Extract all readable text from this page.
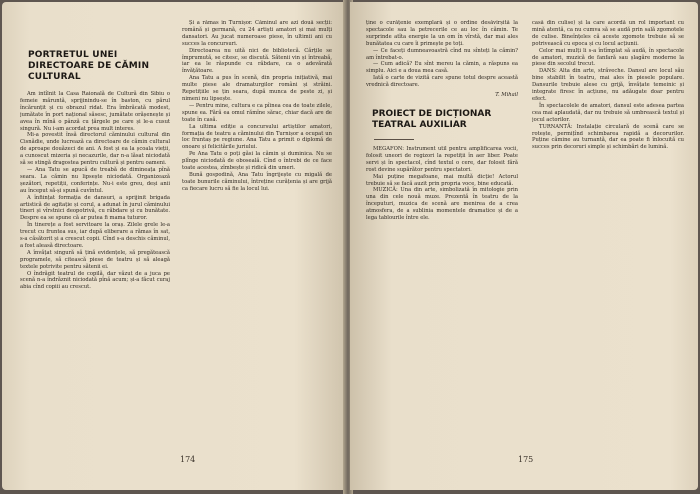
PORTRETUL UNEI DIRECTOARE DE CĂMIN CULTURAL

Am intîlnit la Casa Raională de Cultură din Sibiu o femeie măruntă, sprijinindu-se în baston, cu părul încărunțit și cu obrazul ridat. Era îmbrăcată modest, jumătate în port național săsesc, jumătate orășenește și avea în mînă o pânză cu țărgele pe care și le-a cusut singură. Nu i-am acordat prea mult interes.

Mi-a povestit însă directorul căminului cultural din Cisnădie, unde lucrează ca directoare de cămin cultural de aproape douăzeci de ani. A fost și ea la școala vieții, a cunoscut mizeria și necazurile, dar n-a lăsat niciodată să se stingă dragostea pentru cultură și pentru oameni.

— Ana Tatu se apucă de treabă de dimineața pînă seara. La cămin nu lipsește niciodată. Organizează șezători, repetiții, conferințe. Nu-i este greu, deși anii au început să-și spună cuvîntul.

A înființat formația de dansuri, a sprijinit brigada artistică de agitație și corul, a adunat în jurul căminului tineri și vîrstnici deopotrivă, cu răbdare și cu bunătate. Despre ea se spune că ar putea fi mama tuturor.

În tinerețe a fost servitoare la oraș. Zilele grele le-a trecut cu fruntea sus, iar după eliberare a rămas în sat, s-a căsătorit și a crescut copii. Cînd s-a deschis căminul, a fost aleasă directoare.

A învățat singură să țină evidențele, să pregătească programele, să citească piese de teatru și să aleagă textele potrivite pentru sătenii ei.

O îndrăgit teatrul de copilă, dar văzut de a juca pe scenă n-a îndrăznit niciodată pînă acum; și-a făcut curaj abia cînd copiii au crescut.

Și a rămas în Turnișor. Căminul are azi două secții: română și germană, cu 24 artiști amatori și mai mulți dansatori. Au jucat numeroase piese, în ultimii ani cu succes la concursuri.

Directoarea nu uită nici de bibliotecă. Cărțile se împrumută, se citesc, se discută. Sătenii vin și întreabă, iar ea le răspunde cu răbdare, ca o adevărată învățătoare.

Ana Tatu a pus în scenă, din propria inițiativă, mai multe piese ale dramaturgilor români și străini. Repetițiile se țin seara, după munca de peste zi, și nimeni nu lipsește.

— Pentru mine, cultura e ca pîinea cea de toate zilele, spune ea. Fără ea omul rămîne sărac, chiar dacă are de toate în casă.

La ultima ediție a concursului artiștilor amatori, formația de teatru a căminului din Turnișor a ocupat un loc fruntaș pe regiune. Ana Tatu a primit o diplomă de onoare și felicitările juriului.

Pe Ana Tatu o poți găsi la cămin și duminica. Nu se plînge niciodată de oboseală. Cînd o întrebi de ce face toate acestea, zîmbește și ridică din umeri.

Bună gospodină, Ana Tatu îngrijește cu migală de toate bunurile căminului, întreține curățenia și are grijă ca fiecare lucru să fie la locul lui.

174

ține o curățenie exemplară și o ordine desăvîrșită la spectacole sau la petrecerile ce au loc în cămin. Te surprinde atîta energie la un om în vîrstă, dar mai ales bunătatea cu care îi primește pe toți.

— Ce faceți dumneavoastră cînd nu sînteți la cămin? am întrebat-o.

— Cum adică? Eu sînt mereu la cămin, a răspuns ea simplu. Aici e a doua mea casă.

Iată o carte de vizită care spune totul despre această vrednică directoare.

T. Mihail
PROIECT DE DICȚIONAR TEATRAL AUXILIAR

MEGAFON: Instrument util pentru amplificarea vocii, folosit uneori de regizori la repetiții în aer liber. Poate servi și în spectacol, cînd textul o cere, dar folosit fără rost devine supărător pentru spectatori.

Mai puține megafoane, mai multă dicție! Actorul trebuie să se facă auzit prin propria voce, bine educată.

MUZICĂ: Una din arte, simbolizată în mitologie prin una din cele nouă muze. Prezentă în teatru de la începuturi, muzica de scenă are menirea de a crea atmosfera, de a sublinia momentele dramatice și de a lega tablourile între ele.

casă din culise) și la care acordă un rol important cu mină atentă, ca nu cumva să se audă prin sală zgomotele de culise. Bineînțeles că aceste zgomote trebuie să se potrivească cu epoca și cu locul acțiunii.

Celor mai mulți li s-a întîmplat să audă, în spectacole de amatori, muzică de fanfară sau șlagăre moderne la piese din secolul trecut.

DANS: Alta din arte, străveche. Dansul are locul său bine stabilit în teatru, mai ales în piesele populare. Dansurile trebuie alese cu grijă, învățate temeinic și integrate firesc în acțiune, nu adăugate doar pentru efect.

În spectacolele de amatori, dansul este adesea partea cea mai aplaudată, dar nu trebuie să umbrească textul și jocul actorilor.

TURNANTĂ: Instalație circulară de scenă care se rotește, permițînd schimbarea rapidă a decorurilor. Puține cămine au turnantă, dar ea poate fi înlocuită cu succes prin decoruri simple și schimbări de lumină.

175
